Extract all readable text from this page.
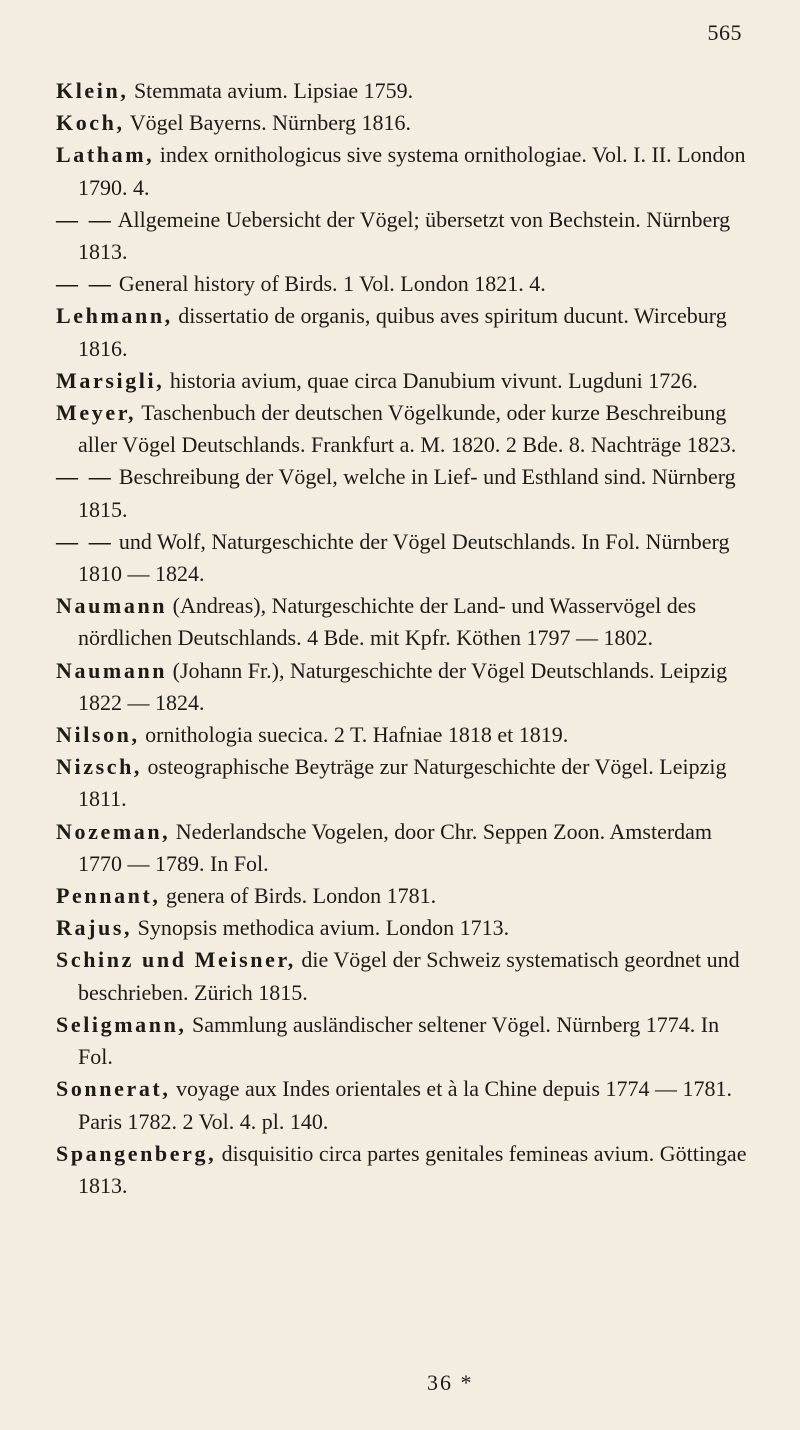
565

Klein, Stemmata avium. Lipsiae 1759.

Koch, Vögel Bayerns. Nürnberg 1816.

Latham, index ornithologicus sive systema ornithologiae. Vol. I. II. London 1790. 4.

— — Allgemeine Uebersicht der Vögel; übersetzt von Bechstein. Nürnberg 1813.

— — General history of Birds. 1 Vol. London 1821. 4.

Lehmann, dissertatio de organis, quibus aves spiritum ducunt. Wirceburg 1816.

Marsigli, historia avium, quae circa Danubium vivunt. Lugduni 1726.

Meyer, Taschenbuch der deutschen Vögelkunde, oder kurze Beschreibung aller Vögel Deutschlands. Frankfurt a. M. 1820. 2 Bde. 8. Nachträge 1823.

— — Beschreibung der Vögel, welche in Lief- und Esthland sind. Nürnberg 1815.

— — und Wolf, Naturgeschichte der Vögel Deutschlands. In Fol. Nürnberg 1810 — 1824.

Naumann (Andreas), Naturgeschichte der Land- und Wasservögel des nördlichen Deutschlands. 4 Bde. mit Kpfr. Köthen 1797 — 1802.

Naumann (Johann Fr.), Naturgeschichte der Vögel Deutschlands. Leipzig 1822 — 1824.

Nilson, ornithologia suecica. 2 T. Hafniae 1818 et 1819.

Nizsch, osteographische Beyträge zur Naturgeschichte der Vögel. Leipzig 1811.

Nozeman, Nederlandsche Vogelen, door Chr. Seppen Zoon. Amsterdam 1770 — 1789. In Fol.

Pennant, genera of Birds. London 1781.

Rajus, Synopsis methodica avium. London 1713.

Schinz und Meisner, die Vögel der Schweiz systematisch geordnet und beschrieben. Zürich 1815.

Seligmann, Sammlung ausländischer seltener Vögel. Nürnberg 1774. In Fol.

Sonnerat, voyage aux Indes orientales et à la Chine depuis 1774 — 1781. Paris 1782. 2 Vol. 4. pl. 140.

Spangenberg, disquisitio circa partes genitales femineas avium. Göttingae 1813.

36 *
